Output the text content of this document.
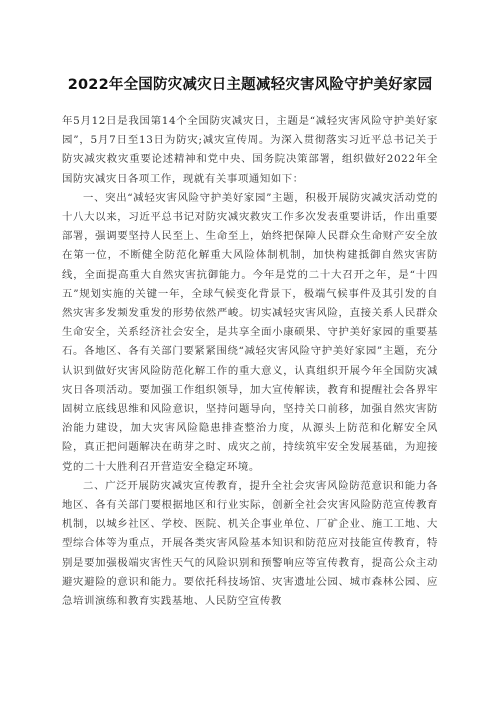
2022年全国防灾减灾日主题减轻灾害风险守护美好家园

年5月12日是我国第14个全国防灾减灾日，主题是“减轻灾害风险守护美好家园”，5月7日至13日为防灾;减灾宣传周。为深入贯彻落实习近平总书记关于防灾减灾救灾重要论述精神和党中央、国务院决策部署，组织做好2022年全国防灾减灾日各项工作，现就有关事项通知如下：

一、突出“减轻灾害风险守护美好家园”主题，积极开展防灾减灾活动党的十八大以来，习近平总书记对防灾减灾救灾工作多次发表重要讲话，作出重要部署，强调要坚持人民至上、生命至上，始终把保障人民群众生命财产安全放在第一位，不断健全防范化解重大风险体制机制，加快构建抵御自然灾害防线，全面提高重大自然灾害抗御能力。今年是党的二十大召开之年，是“十四五”规划实施的关键一年，全球气候变化背景下，极端气候事件及其引发的自然灾害多发频发重发的形势依然严峻。切实减轻灾害风险，直接关系人民群众生命安全，关系经济社会安全，是共享全面小康硕果、守护美好家园的重要基石。各地区、各有关部门要紧紧围绕“减轻灾害风险守护美好家园”主题，充分认识到做好灾害风险防范化解工作的重大意义，认真组织开展今年全国防灾减灾日各项活动。要加强工作组织领导，加大宣传解读，教育和提醒社会各界牢固树立底线思维和风险意识，坚持问题导向，坚持关口前移，加强自然灾害防治能力建设，加大灾害风险隐患排查整治力度，从源头上防范和化解安全风险，真正把问题解决在萌芽之时、成灾之前，持续筑牢安全发展基础，为迎接党的二十大胜利召开营造安全稳定环境。

二、广泛开展防灾减灾宣传教育，提升全社会灾害风险防范意识和能力各地区、各有关部门要根据地区和行业实际，创新全社会灾害风险防范宣传教育机制，以城乡社区、学校、医院、机关企事业单位、厂矿企业、施工工地、大型综合体等为重点，开展各类灾害风险基本知识和防范应对技能宣传教育，特别是要加强极端灾害性天气的风险识别和预警响应等宣传教育，提高公众主动避灾避险的意识和能力。要依托科技场馆、灾害遗址公园、城市森林公园、应急培训演练和教育实践基地、人民防空宣传教
